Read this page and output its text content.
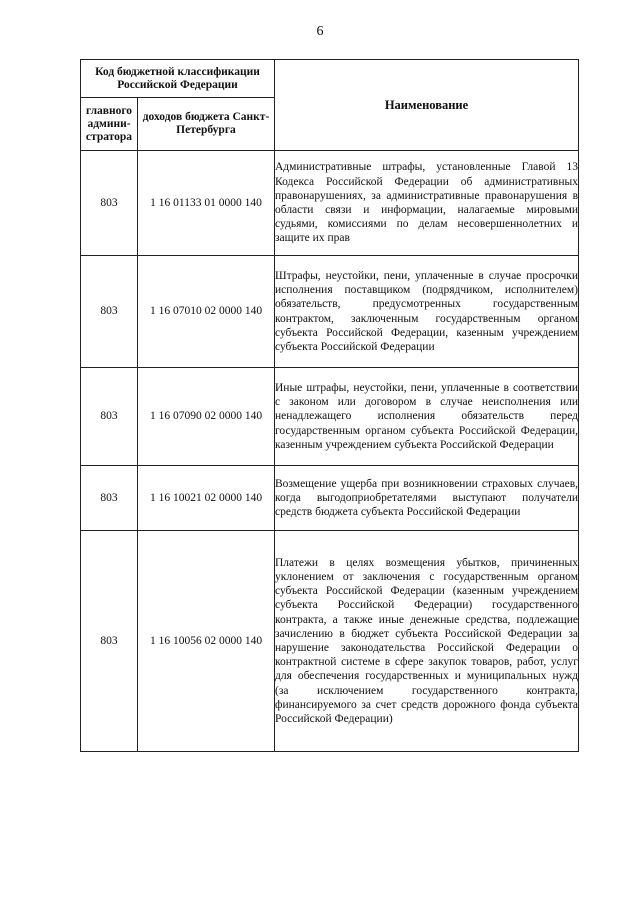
6
Код бюджетной классификации Российской Федерации		Наименование
главного админи-стратора	доходов бюджета Санкт-Петербурга	
803	1 16 01133 01 0000 140	Административные штрафы, установленные Главой 13 Кодекса Российской Федерации об административных правонарушениях, за административные правонарушения в области связи и информации, налагаемые мировыми судьями, комиссиями по делам несовершеннолетних и защите их прав

803	1 16 07010 02 0000 140	Штрафы, неустойки, пени, уплаченные в случае просрочки исполнения поставщиком (подрядчиком, исполнителем) обязательств, предусмотренных государственным контрактом, заключенным государственным органом субъекта Российской Федерации, казенным учреждением субъекта Российской Федерации

803	1 16 07090 02 0000 140	Иные штрафы, неустойки, пени, уплаченные в соответствии с законом или договором в случае неисполнения или ненадлежащего исполнения обязательств перед государственным органом субъекта Российской Федерации, казенным учреждением субъекта Российской Федерации

803	1 16 10021 02 0000 140	Возмещение ущерба при возникновении страховых случаев, когда выгодоприобретателями выступают получатели средств бюджета субъекта Российской Федерации

803	1 16 10056 02 0000 140	Платежи в целях возмещения убытков, причиненных уклонением от заключения с государственным органом субъекта Российской Федерации (казенным учреждением субъекта Российской Федерации) государственного контракта, а также иные денежные средства, подлежащие зачислению в бюджет субъекта Российской Федерации за нарушение законодательства Российской Федерации о контрактной системе в сфере закупок товаров, работ, услуг для обеспечения государственных и муниципальных нужд (за исключением государственного контракта, финансируемого за счет средств дорожного фонда субъекта Российской Федерации)
